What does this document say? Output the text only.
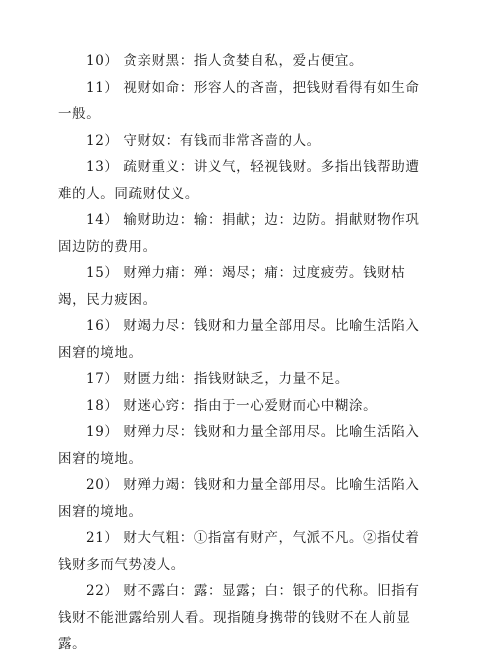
10） 贪亲财黑：指人贪婪自私，爱占便宜。

11） 视财如命：形容人的吝啬，把钱财看得有如生命一般。

12） 守财奴：有钱而非常吝啬的人。

13） 疏财重义：讲义气，轻视钱财。多指出钱帮助遭难的人。同疏财仗义。

14） 输财助边：输：捐献；边：边防。捐献财物作巩固边防的费用。

15） 财殚力痡：殚：竭尽；痡：过度疲劳。钱财枯竭，民力疲困。

16） 财竭力尽：钱财和力量全部用尽。比喻生活陷入困窘的境地。

17） 财匮力绌：指钱财缺乏，力量不足。

18） 财迷心窍：指由于一心爱财而心中糊涂。

19） 财殚力尽：钱财和力量全部用尽。比喻生活陷入困窘的境地。

20） 财殚力竭：钱财和力量全部用尽。比喻生活陷入困窘的境地。

21） 财大气粗：①指富有财产，气派不凡。②指仗着钱财多而气势凌人。

22） 财不露白：露：显露；白：银子的代称。旧指有钱财不能泄露给别人看。现指随身携带的钱财不在人前显露。
